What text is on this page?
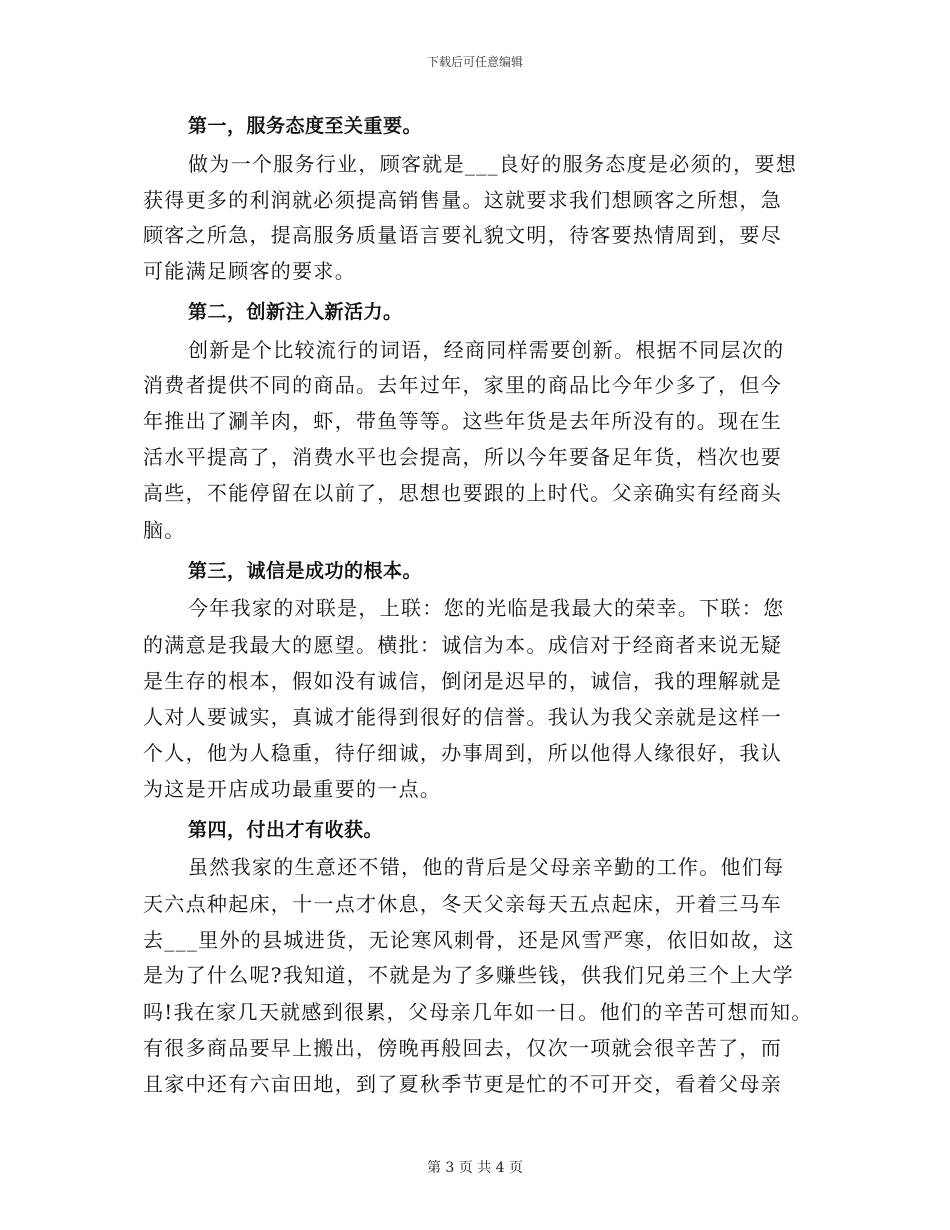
下载后可任意编辑
第一，服务态度至关重要。
做为一个服务行业，顾客就是___良好的服务态度是必须的，要想
获得更多的利润就必须提高销售量。这就要求我们想顾客之所想，急
顾客之所急，提高服务质量语言要礼貌文明，待客要热情周到，要尽
可能满足顾客的要求。
第二，创新注入新活力。
创新是个比较流行的词语，经商同样需要创新。根据不同层次的
消费者提供不同的商品。去年过年，家里的商品比今年少多了，但今
年推出了涮羊肉，虾，带鱼等等。这些年货是去年所没有的。现在生
活水平提高了，消费水平也会提高，所以今年要备足年货，档次也要
高些，不能停留在以前了，思想也要跟的上时代。父亲确实有经商头
脑。
第三，诚信是成功的根本。
今年我家的对联是，上联：您的光临是我最大的荣幸。下联：您
的满意是我最大的愿望。横批：诚信为本。成信对于经商者来说无疑
是生存的根本，假如没有诚信，倒闭是迟早的，诚信，我的理解就是
人对人要诚实，真诚才能得到很好的信誉。我认为我父亲就是这样一
个人，他为人稳重，待仔细诚，办事周到，所以他得人缘很好，我认
为这是开店成功最重要的一点。
第四，付出才有收获。
虽然我家的生意还不错，他的背后是父母亲辛勤的工作。他们每
天六点种起床，十一点才休息，冬天父亲每天五点起床，开着三马车
去___里外的县城进货，无论寒风刺骨，还是风雪严寒，依旧如故，这
是为了什么呢?我知道，不就是为了多赚些钱，供我们兄弟三个上大学
吗!我在家几天就感到很累，父母亲几年如一日。他们的辛苦可想而知。
有很多商品要早上搬出，傍晚再般回去，仅次一项就会很辛苦了，而
且家中还有六亩田地，到了夏秋季节更是忙的不可开交，看着父母亲
第 3 页 共 4 页
